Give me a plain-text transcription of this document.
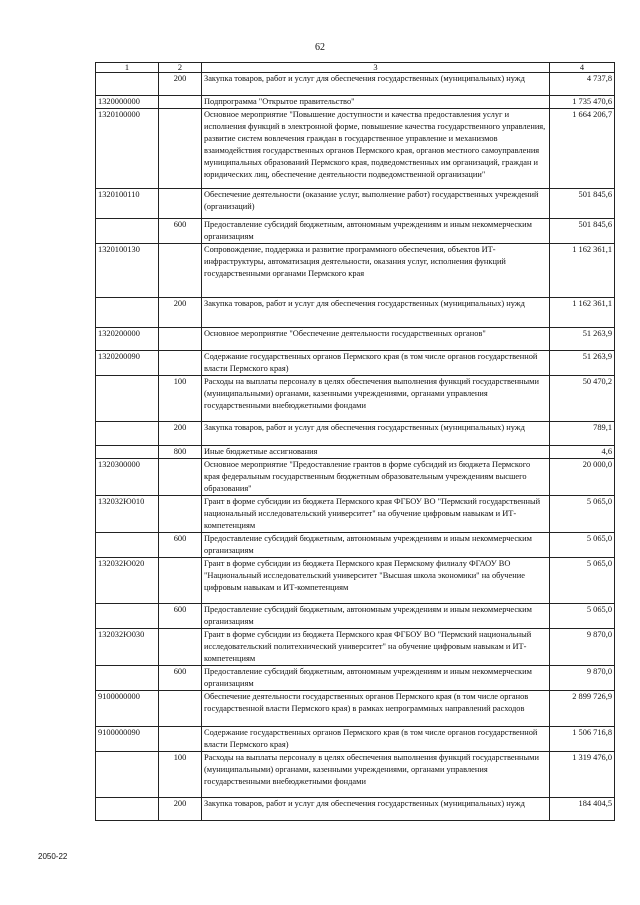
62
1	2	3	4
	200	Закупка товаров, работ и услуг для обеспечения государственных (муниципальных) нужд	4 737,8
1320000000		Подпрограмма "Открытое правительство"	1 735 470,6
1320100000		Основное мероприятие "Повышение доступности и качества предоставления услуг и исполнения функций в электронной форме, повышение качества государственного управления, развитие систем вовлечения граждан в государственное управление и механизмов взаимодействия государственных органов Пермского края, органов местного самоуправления муниципальных образований Пермского края, подведомственных им организаций, граждан и юридических лиц, обеспечение деятельности подведомственной организации"	1 664 206,7
1320100110		Обеспечение деятельности (оказание услуг, выполнение работ) государственных учреждений (организаций)	501 845,6
	600	Предоставление субсидий бюджетным, автономным учреждениям и иным некоммерческим организациям	501 845,6
1320100130		Сопровождение, поддержка и развитие программного обеспечения, объектов ИТ-инфраструктуры, автоматизация деятельности, оказания услуг, исполнения функций государственными органами Пермского края	1 162 361,1
	200	Закупка товаров, работ и услуг для обеспечения государственных (муниципальных) нужд	1 162 361,1
1320200000		Основное мероприятие "Обеспечение деятельности государственных органов"	51 263,9
1320200090		Содержание государственных органов Пермского края (в том числе органов государственной власти Пермского края)	51 263,9
	100	Расходы на выплаты персоналу в целях обеспечения выполнения функций государственными (муниципальными) органами, казенными учреждениями, органами управления государственными внебюджетными фондами	50 470,2
	200	Закупка товаров, работ и услуг для обеспечения государственных (муниципальных) нужд	789,1
	800	Иные бюджетные ассигнования	4,6
1320300000		Основное мероприятие "Предоставление грантов в форме субсидий из бюджета Пермского края федеральным государственным бюджетным образовательным учреждениям высшего образования"	20 000,0
132032Ю010		Грант в форме субсидии из бюджета Пермского края ФГБОУ ВО "Пермский государственный национальный исследовательский университет" на обучение цифровым навыкам и ИТ-компетенциям	5 065,0
	600	Предоставление субсидий бюджетным, автономным учреждениям и иным некоммерческим организациям	5 065,0
132032Ю020		Грант в форме субсидии из бюджета Пермского края Пермскому филиалу ФГАОУ ВО "Национальный исследовательский университет "Высшая школа экономики" на обучение цифровым навыкам и ИТ-компетенциям	5 065,0
	600	Предоставление субсидий бюджетным, автономным учреждениям и иным некоммерческим организациям	5 065,0
132032Ю030		Грант в форме субсидии из бюджета Пермского края ФГБОУ ВО "Пермский национальный исследовательский политехнический университет" на обучение цифровым навыкам и ИТ-компетенциям	9 870,0
	600	Предоставление субсидий бюджетным, автономным учреждениям и иным некоммерческим организациям	9 870,0
9100000000		Обеспечение деятельности государственных органов Пермского края (в том числе органов государственной власти Пермского края) в рамках непрограммных направлений расходов	2 899 726,9
9100000090		Содержание государственных органов Пермского края (в том числе органов государственной власти Пермского края)	1 506 716,8
	100	Расходы на выплаты персоналу в целях обеспечения выполнения функций государственными (муниципальными) органами, казенными учреждениями, органами управления государственными внебюджетными фондами	1 319 476,0
	200	Закупка товаров, работ и услуг для обеспечения государственных (муниципальных) нужд	184 404,5
2050-22
